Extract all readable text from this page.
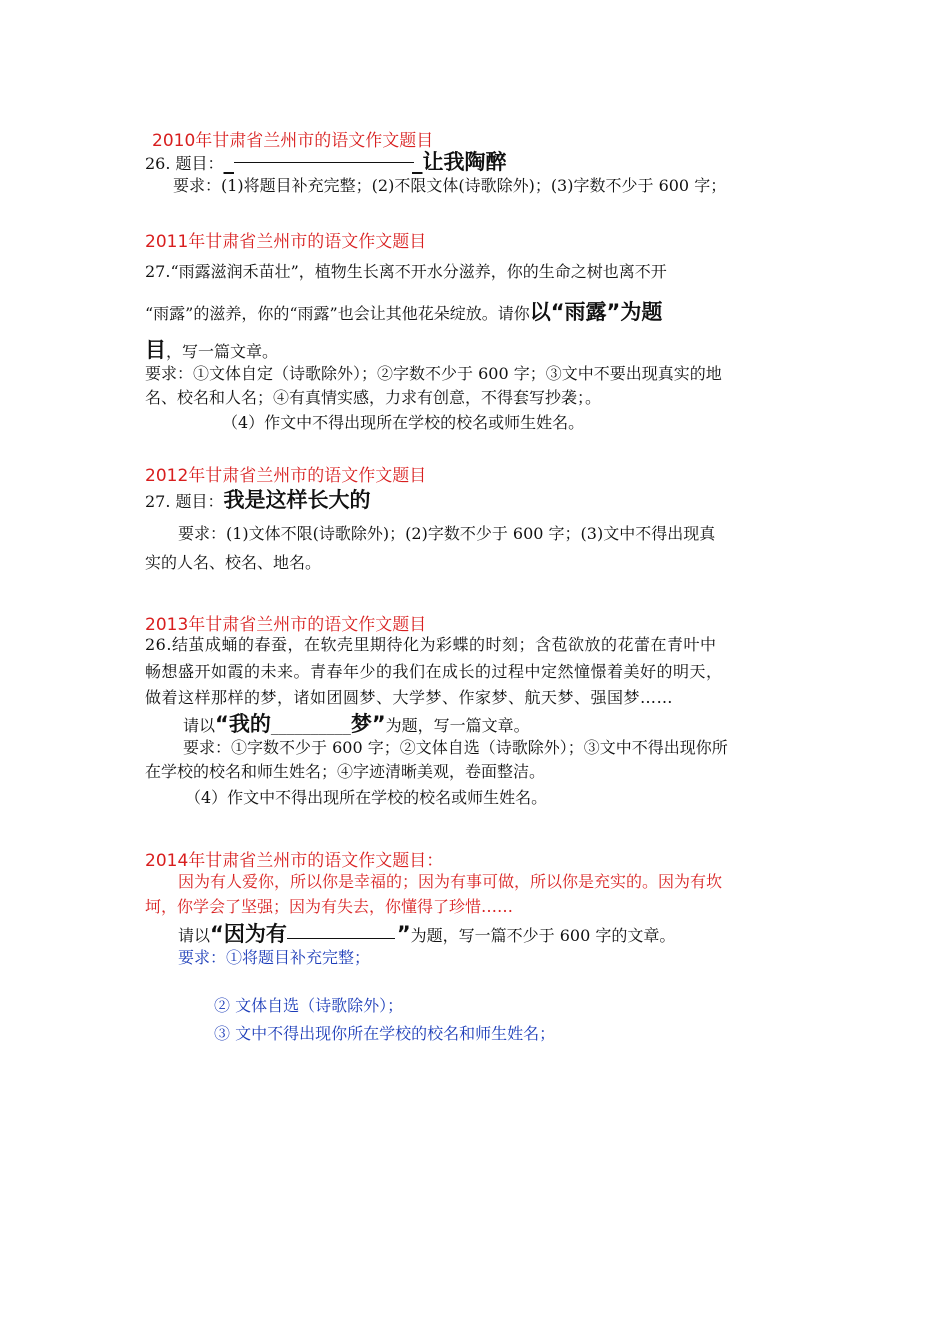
2010年甘肃省兰州市的语文作文题目
26. 题目：_	_让我陶醉
要求：(1)将题目补充完整；(2)不限文体(诗歌除外)；(3)字数不少于 600 字；
2011年甘肃省兰州市的语文作文题目
27.“雨露滋润禾苗壮”，植物生长离不开水分滋养，你的生命之树也离不开
“雨露”的滋养，你的“雨露”也会让其他花朵绽放。请你以“雨露”为题
目，写一篇文章。
要求：①文体自定（诗歌除外）；②字数不少于 600 字；③文中不要出现真实的地
名、校名和人名；④有真情实感，力求有创意，不得套写抄袭；。
（4）作文中不得出现所在学校的校名或师生姓名。
2012年甘肃省兰州市的语文作文题目
27. 题目：我是这样长大的
要求：(1)文体不限(诗歌除外)；(2)字数不少于 600 字；(3)文中不得出现真
实的人名、校名、地名。
2013年甘肃省兰州市的语文作文题目
26.结茧成蛹的春蚕，在软壳里期待化为彩蝶的时刻；含苞欲放的花蕾在青叶中
畅想盛开如霞的未来。青春年少的我们在成长的过程中定然憧憬着美好的明天，
做着这样那样的梦，诸如团圆梦、大学梦、作家梦、航天梦、强国梦……
请以“我的__________梦”为题，写一篇文章。
要求：①字数不少于 600 字；②文体自选（诗歌除外）；③文中不得出现你所
在学校的校名和师生姓名；④字迹清晰美观，卷面整洁。
（4）作文中不得出现所在学校的校名或师生姓名。
2014年甘肃省兰州市的语文作文题目：
因为有人爱你，所以你是幸福的；因为有事可做，所以你是充实的。因为有坎
坷，你学会了坚强；因为有失去，你懂得了珍惜……
请以“因为有	”为题，写一篇不少于 600 字的文章。
要求：①将题目补充完整；
② 文体自选（诗歌除外）；
③ 文中不得出现你所在学校的校名和师生姓名；
